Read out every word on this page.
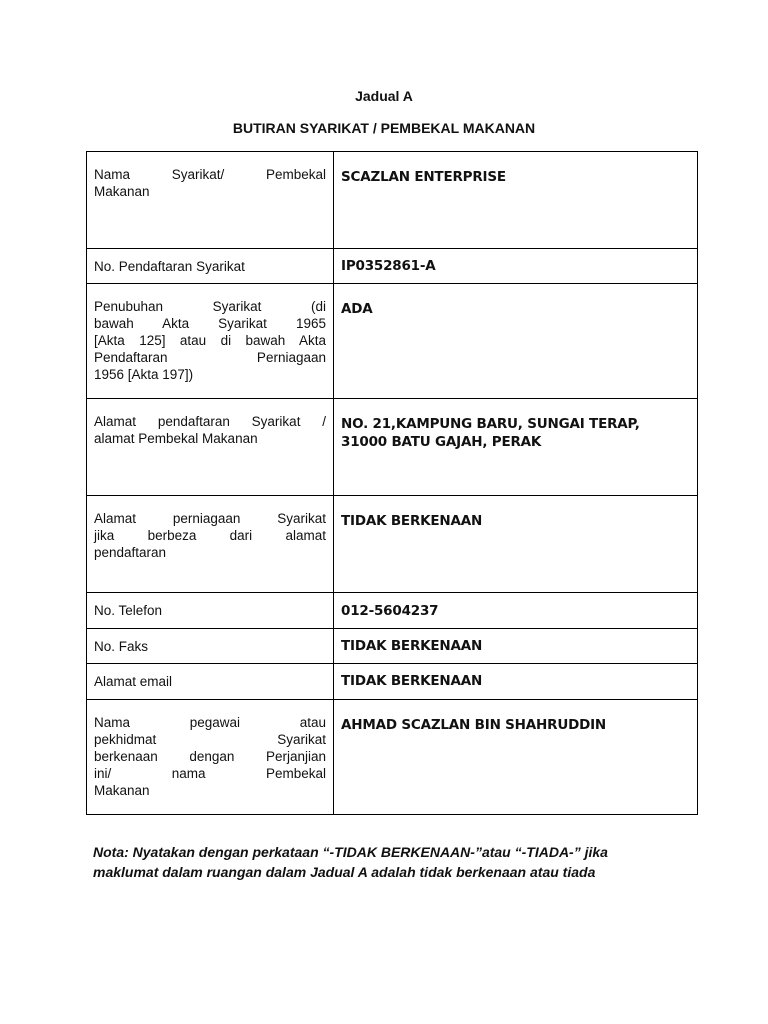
Jadual A
BUTIRAN SYARIKAT / PEMBEKAL MAKANAN
Nama Syarikat/ Pembekal
Makanan	SCAZLAN ENTERPRISE

No. Pendaftaran Syarikat	IP0352861-A

Penubuhan Syarikat (di
bawah Akta Syarikat 1965
[Akta 125] atau di bawah Akta
Pendaftaran Perniagaan
1956 [Akta 197])	ADA

Alamat pendaftaran Syarikat /
alamat Pembekal Makanan	NO. 21,KAMPUNG BARU, SUNGAI TERAP,
31000 BATU GAJAH, PERAK

Alamat perniagaan Syarikat
jika berbeza dari alamat
pendaftaran	TIDAK BERKENAAN

No. Telefon	012-5604237

No. Faks	TIDAK BERKENAAN

Alamat email	TIDAK BERKENAAN

Nama pegawai atau
pekhidmat Syarikat
berkenaan dengan Perjanjian
ini/ nama Pembekal
Makanan	AHMAD SCAZLAN BIN SHAHRUDDIN
Nota: Nyatakan dengan perkataan “-TIDAK BERKENAAN-”atau “-TIADA-” jika
maklumat dalam ruangan dalam Jadual A adalah tidak berkenaan atau tiada
